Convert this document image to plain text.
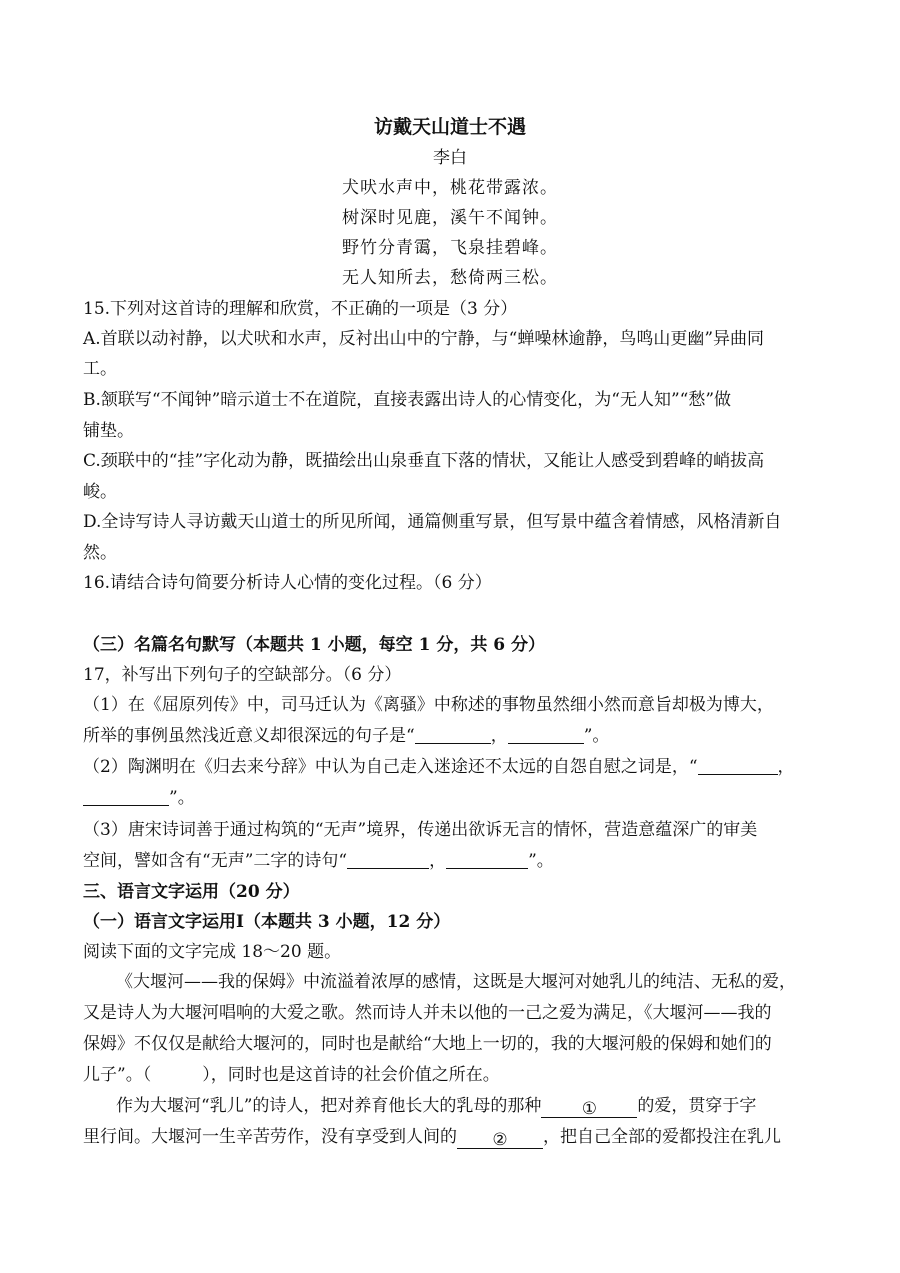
访戴天山道士不遇
李白
犬吠水声中，桃花带露浓。
树深时见鹿，溪午不闻钟。
野竹分青霭，飞泉挂碧峰。
无人知所去，愁倚两三松。
15.下列对这首诗的理解和欣赏，不正确的一项是（3 分）
A.首联以动衬静，以犬吠和水声，反衬出山中的宁静，与“蝉噪林逾静，鸟鸣山更幽”异曲同
工。
B.颔联写“不闻钟”暗示道士不在道院，直接表露出诗人的心情变化，为“无人知”“愁”做
铺垫。
C.颈联中的“挂”字化动为静，既描绘出山泉垂直下落的情状，又能让人感受到碧峰的峭拔高
峻。
D.全诗写诗人寻访戴天山道士的所见所闻，通篇侧重写景，但写景中蕴含着情感，风格清新自
然。
16.请结合诗句简要分析诗人心情的变化过程。（6 分）
（三）名篇名句默写（本题共 1 小题，每空 1 分，共 6 分）
17，补写出下列句子的空缺部分。（6 分）
（1）在《屈原列传》中，司马迁认为《离骚》中称述的事物虽然细小然而意旨却极为博大，
所举的事例虽然浅近意义却很深远的句子是“	，	”。
（2）陶渊明在《归去来兮辞》中认为自己走入迷途还不太远的自怨自慰之词是，“	，
”。
（3）唐宋诗词善于通过构筑的“无声”境界，传递出欲诉无言的情怀，营造意蕴深广的审美
空间，譬如含有“无声”二字的诗句“	，	”。
三、语言文字运用（20 分）
（一）语言文字运用Ⅰ（本题共 3 小题，12 分）
阅读下面的文字完成 18～20 题。
《大堰河——我的保姆》中流溢着浓厚的感情，这既是大堰河对她乳儿的纯洁、无私的爱，
又是诗人为大堰河唱响的大爱之歌。然而诗人并未以他的一己之爱为满足，《大堰河——我的
保姆》不仅仅是献给大堰河的，同时也是献给“大地上一切的，我的大堰河般的保姆和她们的
儿子”。（　　　），同时也是这首诗的社会价值之所在。
作为大堰河“乳儿”的诗人，把对养育他长大的乳母的那种 ① 的爱，贯穿于字
里行间。大堰河一生辛苦劳作，没有享受到人间的 ② ，把自己全部的爱都投注在乳儿
